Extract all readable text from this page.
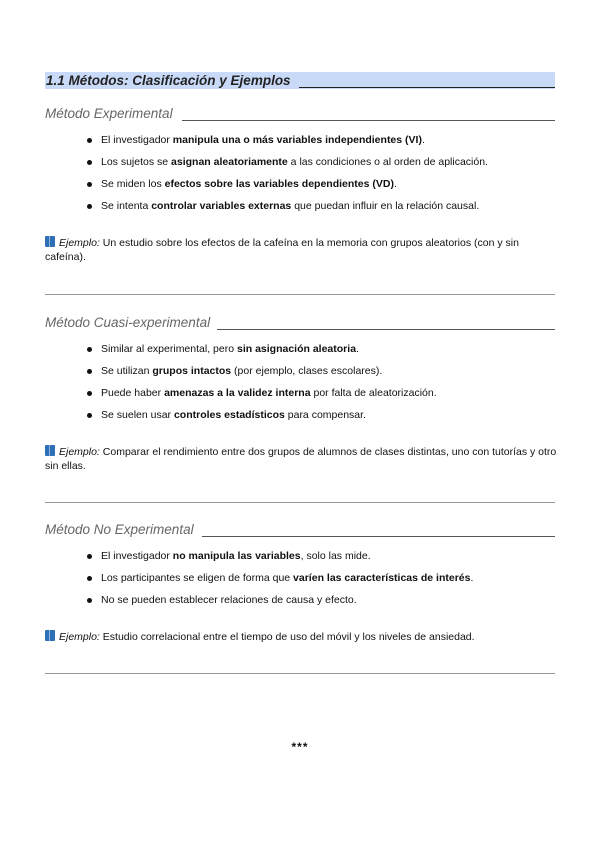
1.1 Métodos: Clasificación y Ejemplos
Método Experimental
El investigador manipula una o más variables independientes (VI).
Los sujetos se asignan aleatoriamente a las condiciones o al orden de aplicación.
Se miden los efectos sobre las variables dependientes (VD).
Se intenta controlar variables externas que puedan influir en la relación causal.
Ejemplo: Un estudio sobre los efectos de la cafeína en la memoria con grupos aleatorios (con y sin cafeína).
Método Cuasi-experimental
Similar al experimental, pero sin asignación aleatoria.
Se utilizan grupos intactos (por ejemplo, clases escolares).
Puede haber amenazas a la validez interna por falta de aleatorización.
Se suelen usar controles estadísticos para compensar.
Ejemplo: Comparar el rendimiento entre dos grupos de alumnos de clases distintas, uno con tutorías y otro sin ellas.
Método No Experimental
El investigador no manipula las variables, solo las mide.
Los participantes se eligen de forma que varíen las características de interés.
No se pueden establecer relaciones de causa y efecto.
Ejemplo: Estudio correlacional entre el tiempo de uso del móvil y los niveles de ansiedad.
***
